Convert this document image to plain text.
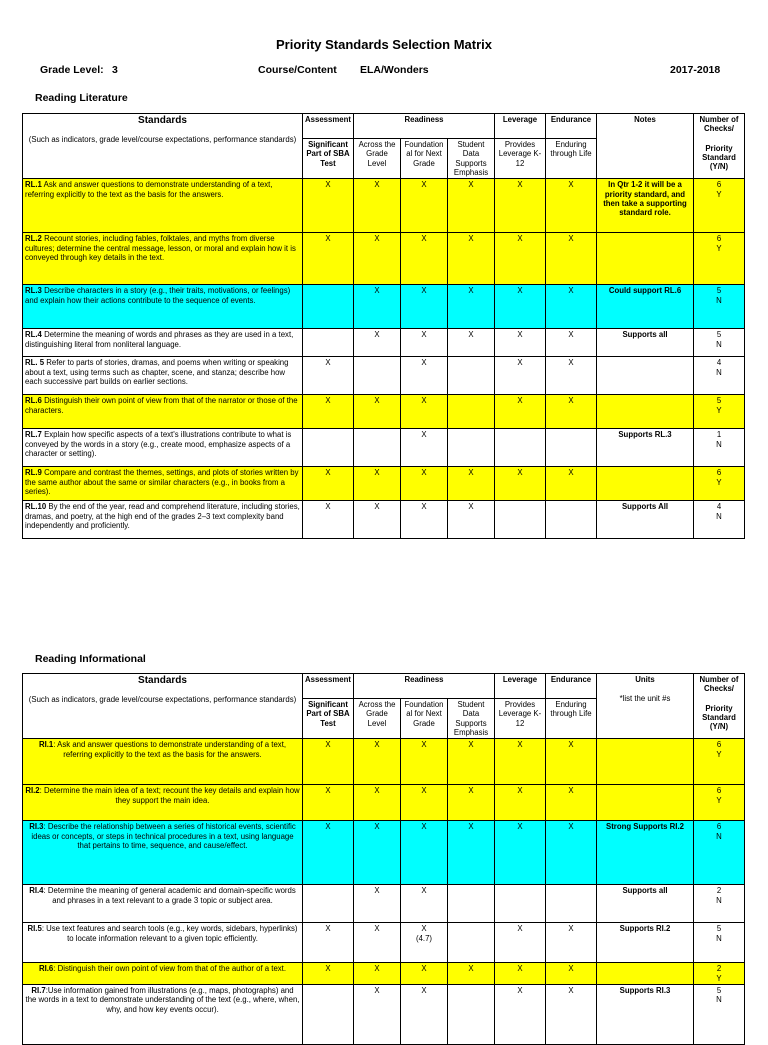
Priority Standards Selection Matrix
Grade Level: 3	Course/Content ELA/Wonders	2017-2018
Reading Literature
Standards
(Such as indicators, grade level/course expectations, performance standards)	Assessment	Readiness			Leverage	Endurance	Notes	Number of Checks/
Priority Standard (Y/N)

	Significant Part of SBA Test	Across the Grade Level	Foundation al for Next Grade	Student Data Supports Emphasis	Provides Leverage K-12	Enduring through Life		
RL.1 Ask and answer questions to demonstrate understanding of a text, referring explicitly to the text as the basis for the answers.	X	X	X	X	X	X	In Qtr 1-2 it will be a priority standard, and then take a supporting standard role.	6
Y
RL.2 Recount stories, including fables, folktales, and myths from diverse cultures; determine the central message, lesson, or moral and explain how it is conveyed through key details in the text.	X	X	X	X	X	X		6
Y
RL.3 Describe characters in a story (e.g., their traits, motivations, or feelings) and explain how their actions contribute to the sequence of events.		X	X	X	X	X	Could support RL.6	5
N
RL.4 Determine the meaning of words and phrases as they are used in a text, distinguishing literal from nonliteral language.		X	X	X	X	X	Supports all	5
N
RL. 5 Refer to parts of stories, dramas, and poems when writing or speaking about a text, using terms such as chapter, scene, and stanza; describe how each successive part builds on earlier sections.	X		X		X	X		4
N
RL.6 Distinguish their own point of view from that of the narrator or those of the characters.	X	X	X		X	X		5
Y
RL.7 Explain how specific aspects of a text's illustrations contribute to what is conveyed by the words in a story (e.g., create mood, emphasize aspects of a character or setting).			X				Supports RL.3	1
N
RL.9 Compare and contrast the themes, settings, and plots of stories written by the same author about the same or similar characters (e.g., in books from a series).	X	X	X	X	X	X		6
Y
RL.10 By the end of the year, read and comprehend literature, including stories, dramas, and poetry, at the high end of the grades 2–3 text complexity band independently and proficiently.	X	X	X	X			Supports All	4
N
Reading Informational
Standards
(Such as indicators, grade level/course expectations, performance standards)	Assessment	Readiness			Leverage	Endurance	Units

*list the unit #s	Number of Checks/
Priority Standard (Y/N)

	Significant Part of SBA Test	Across the Grade Level	Foundation al for Next Grade	Student Data Supports Emphasis	Provides Leverage K-12	Enduring through Life		
RI.1: Ask and answer questions to demonstrate understanding of a text, referring explicitly to the text as the basis for the answers.	X	X	X	X	X	X		6
Y
RI.2: Determine the main idea of a text; recount the key details and explain how they support the main idea.	X	X	X	X	X	X		6
Y
RI.3: Describe the relationship between a series of historical events, scientific ideas or concepts, or steps in technical procedures in a text, using language that pertains to time, sequence, and cause/effect.	X	X	X	X	X	X	Strong Supports RI.2	6
N
RI.4: Determine the meaning of general academic and domain-specific words and phrases in a text relevant to a grade 3 topic or subject area.		X	X				Supports all	2
N
RI.5: Use text features and search tools (e.g., key words, sidebars, hyperlinks) to locate information relevant to a given topic efficiently.	X	X	X
(4.7)		X	X	Supports RI.2	5
N
RI.6: Distinguish their own point of view from that of the author of a text.	X	X	X	X	X	X		2
Y
RI.7:Use information gained from illustrations (e.g., maps, photographs) and the words in a text to demonstrate understanding of the text (e.g., where, when, why, and how key events occur).		X	X		X	X	Supports RI.3	5
N
